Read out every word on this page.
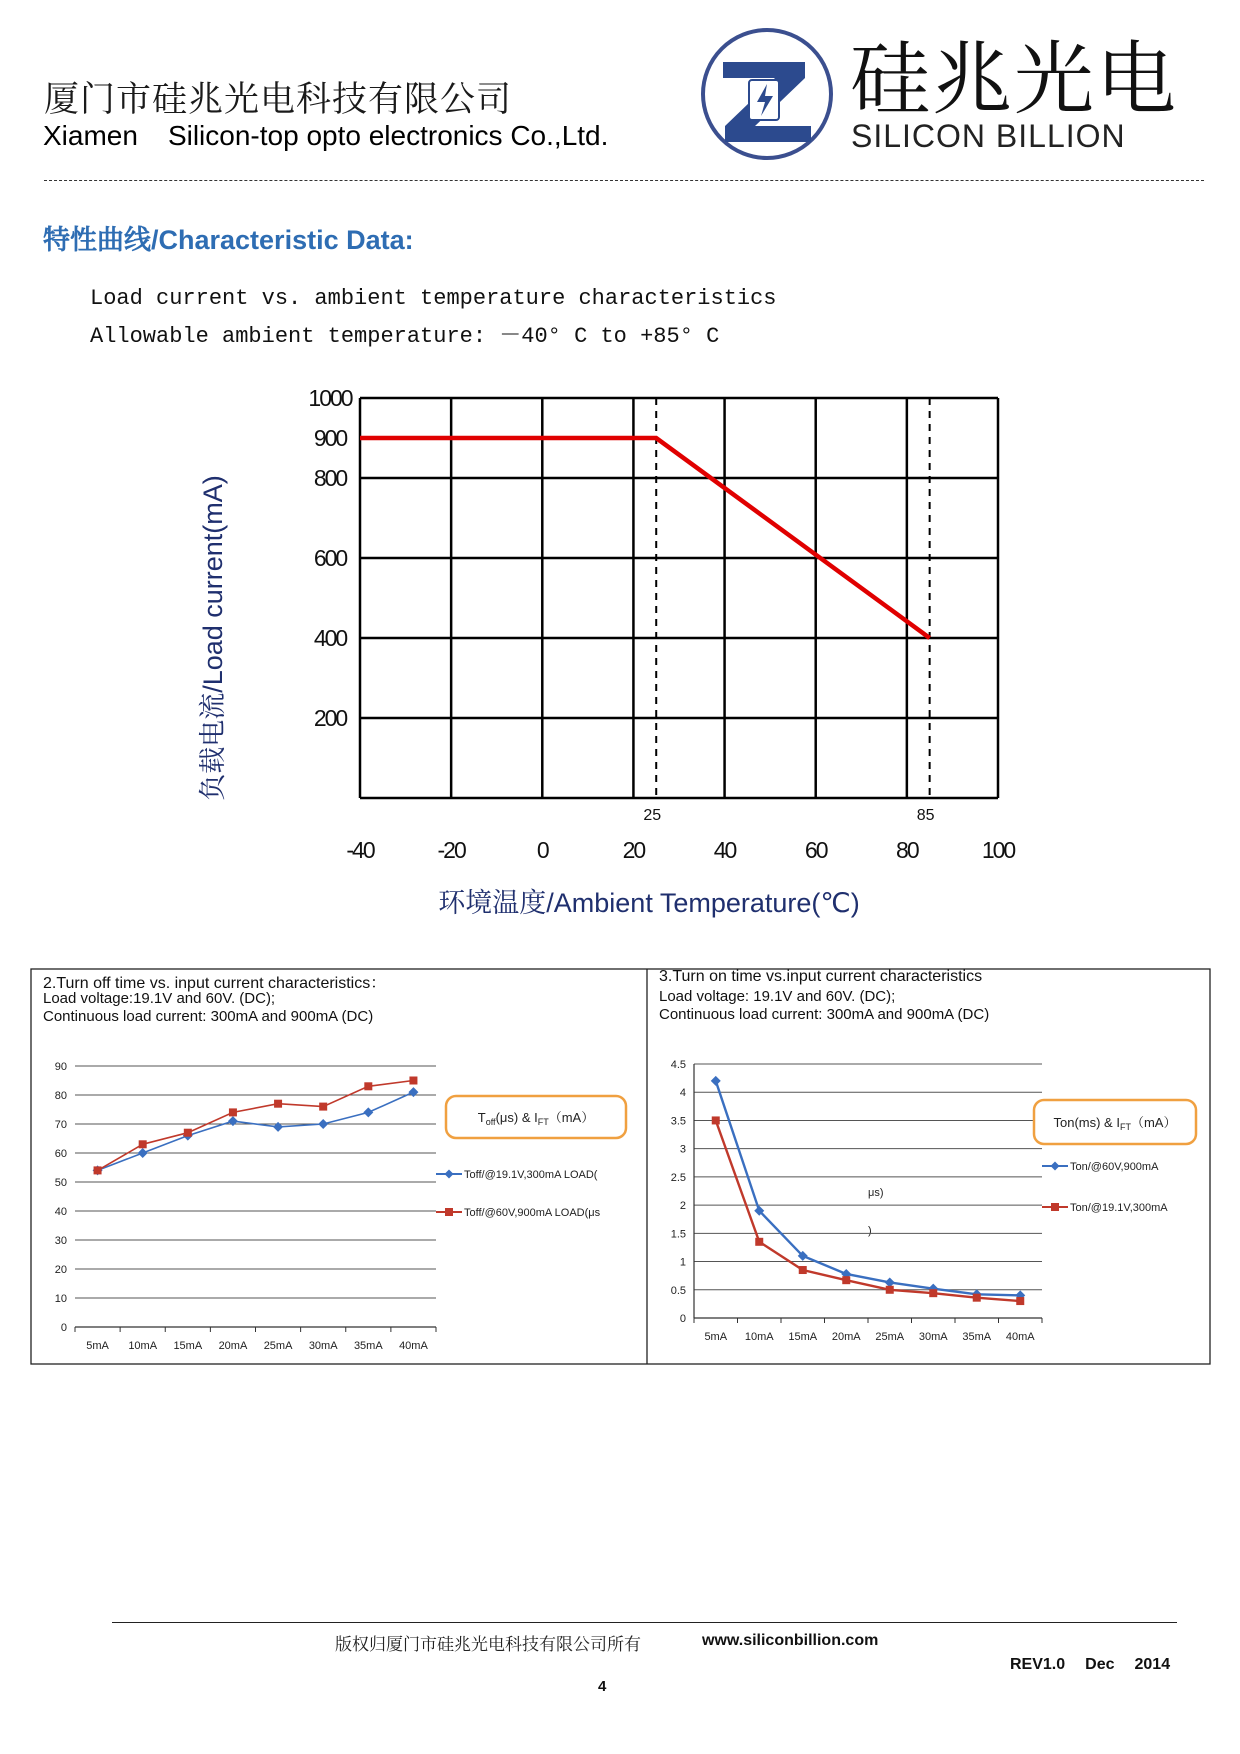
厦门市硅兆光电科技有限公司
Xiamen Silicon-top opto electronics Co.,Ltd.
硅兆光电
SILICON BILLION
特性曲线/Characteristic Data:
Load current vs. ambient temperature characteristics
Allowable ambient temperature: －40° C to +85° C
1000
900
800
600
400
200
-40	-20	0	20	40	60	80	100
25	85
环境温度/Ambient Temperature(℃)
负载电流/Load current(mA)
2.Turn off time vs. input current characteristics：
Load voltage:19.1V and 60V. (DC);
Continuous load current: 300mA and 900mA (DC)
3.Turn on time vs.input current characteristics
Load voltage: 19.1V and 60V. (DC);
Continuous load current: 300mA and 900mA (DC)
0
10
20
30
40
50
60
70
80
90
5mA 10mA 15mA 20mA 25mA 30mA 35mA 40mA
$T_{off}(\mu s)$ & $I_{FT}(mA)$
Toff/@19.1V,300mA LOAD(
μs)
Toff/@60V,900mA LOAD(μs
)
0
0.5
1
1.5
2
2.5
3
3.5
4
4.5
5mA 10mA 15mA 20mA 25mA 30mA 35mA 40mA
Ton(ms) & $I_{FT}(mA)$
Ton/@60V,900mA
Ton/@19.1V,300mA
版权归厦门市硅兆光电科技有限公司所有	www.siliconbillion.com
REV1.0 Dec 2014
4
